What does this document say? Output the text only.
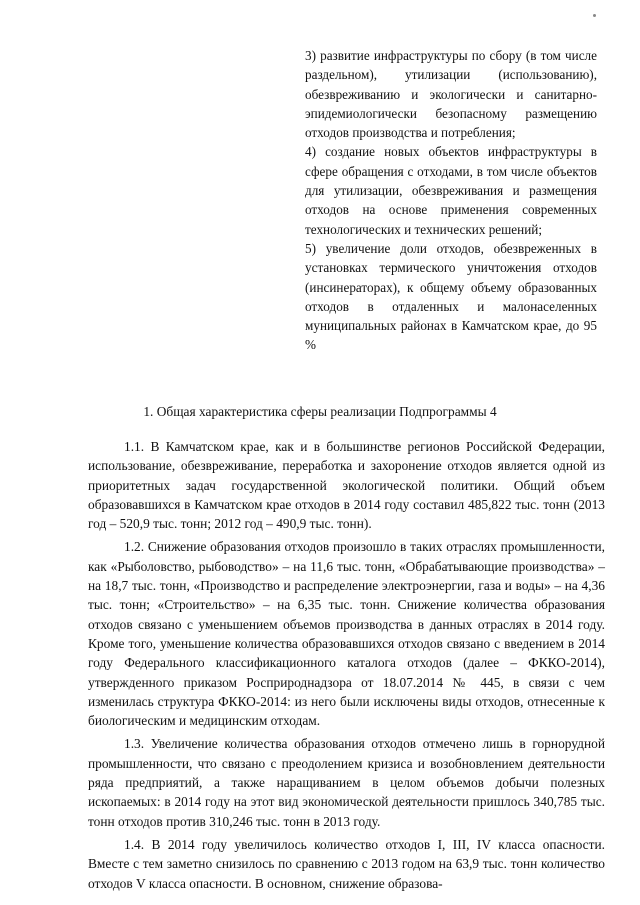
3) развитие инфраструктуры по сбору (в том числе раздельном), утилизации (использованию), обезвреживанию и экологически и санитарно-эпидемиологически безопасному размещению отходов производства и потребления;

4) создание новых объектов инфраструктуры в сфере обращения с отходами, в том числе объектов для утилизации, обезвреживания и размещения отходов на основе применения современных технологических и технических решений;

5) увеличение доли отходов, обезвреженных в установках термического уничтожения отходов (инсинераторах), к общему объему образованных отходов в отдаленных и малонаселенных муниципальных районах в Камчатском крае, до 95 %

1. Общая характеристика сферы реализации Подпрограммы 4

1.1. В Камчатском крае, как и в большинстве регионов Российской Федерации, использование, обезвреживание, переработка и захоронение отходов является одной из приоритетных задач государственной экологической политики. Общий объем образовавшихся в Камчатском крае отходов в 2014 году составил 485,822 тыс. тонн (2013 год – 520,9 тыс. тонн; 2012 год – 490,9 тыс. тонн).

1.2. Снижение образования отходов произошло в таких отраслях промышленности, как «Рыболовство, рыбоводство» – на 11,6 тыс. тонн, «Обрабатывающие производства» – на 18,7 тыс. тонн, «Производство и распределение электроэнергии, газа и воды» – на 4,36 тыс. тонн; «Строительство» – на 6,35 тыс. тонн. Снижение количества образования отходов связано с уменьшением объемов производства в данных отраслях в 2014 году. Кроме того, уменьшение количества образовавшихся отходов связано с введением в 2014 году Федерального классификационного каталога отходов (далее – ФККО-2014), утвержденного приказом Росприроднадзора от 18.07.2014 № 445, в связи с чем изменилась структура ФККО-2014: из него были исключены виды отходов, отнесенные к биологическим и медицинским отходам.

1.3. Увеличение количества образования отходов отмечено лишь в горнорудной промышленности, что связано с преодолением кризиса и возобновлением деятельности ряда предприятий, а также наращиванием в целом объемов добычи полезных ископаемых: в 2014 году на этот вид экономической деятельности пришлось 340,785 тыс. тонн отходов против 310,246 тыс. тонн в 2013 году.

1.4. В 2014 году увеличилось количество отходов I, III, IV класса опасности. Вместе с тем заметно снизилось по сравнению с 2013 годом на 63,9 тыс. тонн количество отходов V класса опасности. В основном, снижение образова-
